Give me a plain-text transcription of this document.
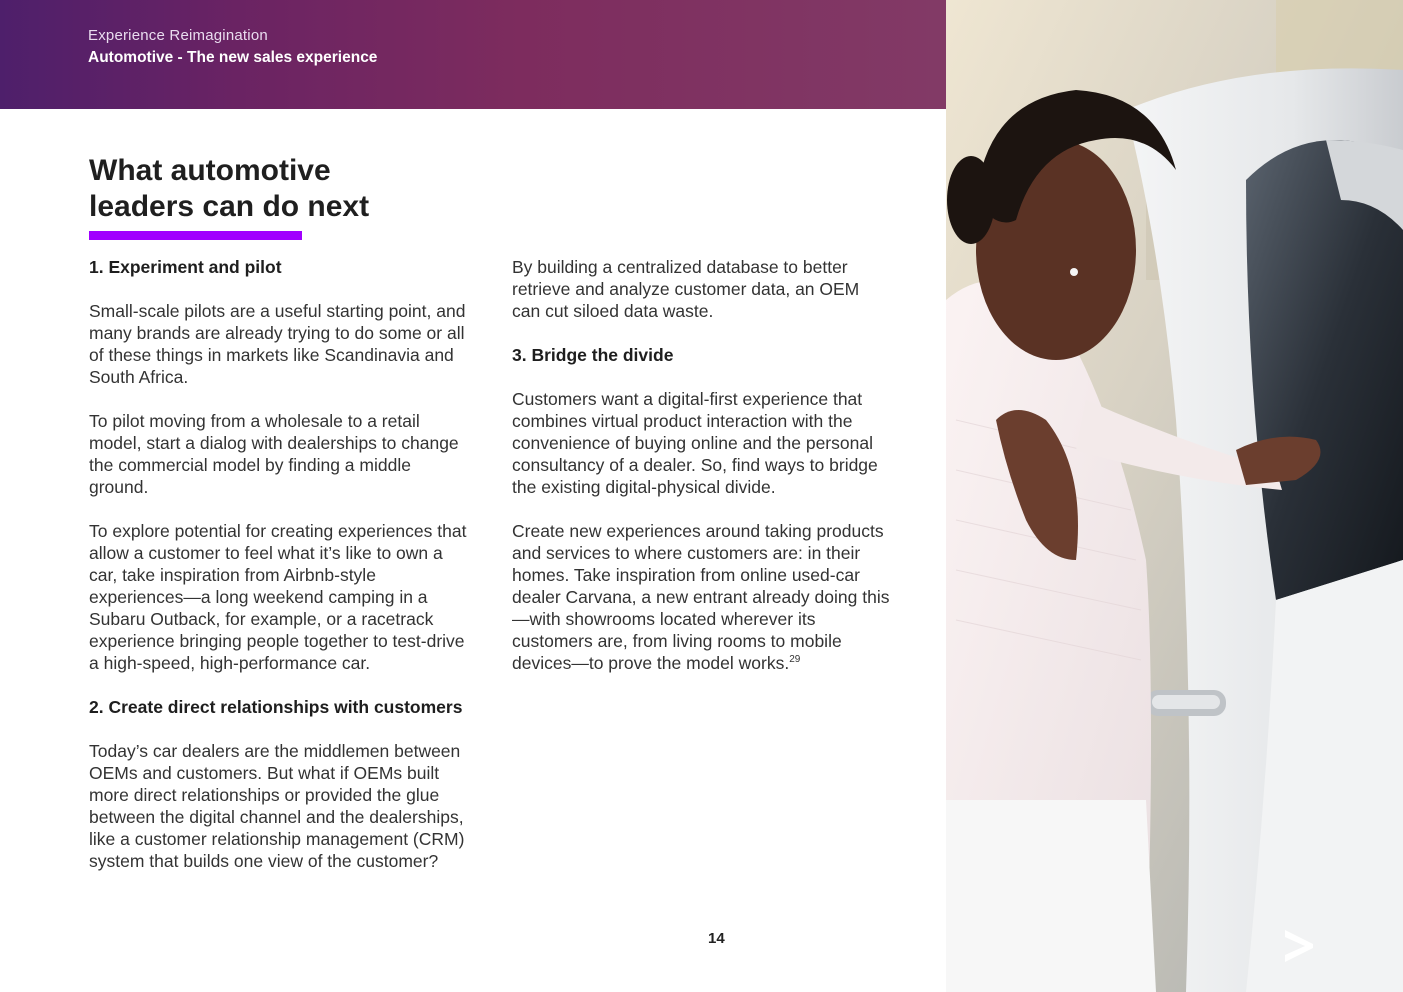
Experience Reimagination
Automotive - The new sales experience
What automotive
leaders can do next
1. Experiment and pilot

Small-scale pilots are a useful starting point, and many brands are already trying to do some or all of these things in markets like Scandinavia and South Africa.

To pilot moving from a wholesale to a retail model, start a dialog with dealerships to change the commercial model by finding a middle ground.

To explore potential for creating experiences that allow a customer to feel what it’s like to own a car, take inspiration from Airbnb-style experiences—a long weekend camping in a Subaru Outback, for example, or a racetrack experience bringing people together to test-drive a high-speed, high-performance car.

2. Create direct relationships with customers

Today’s car dealers are the middlemen between OEMs and customers. But what if OEMs built more direct relationships or provided the glue between the digital channel and the dealerships, like a customer relationship management (CRM) system that builds one view of the customer?

By building a centralized database to better retrieve and analyze customer data, an OEM can cut siloed data waste.

3. Bridge the divide

Customers want a digital-first experience that combines virtual product interaction with the convenience of buying online and the personal consultancy of a dealer. So, find ways to bridge the existing digital-physical divide.

Create new experiences around taking products and services to where customers are: in their homes. Take inspiration from online used-car dealer Carvana, a new entrant already doing this—with showrooms located wherever its customers are, from living rooms to mobile devices—to prove the model works.$^{29}$

14
